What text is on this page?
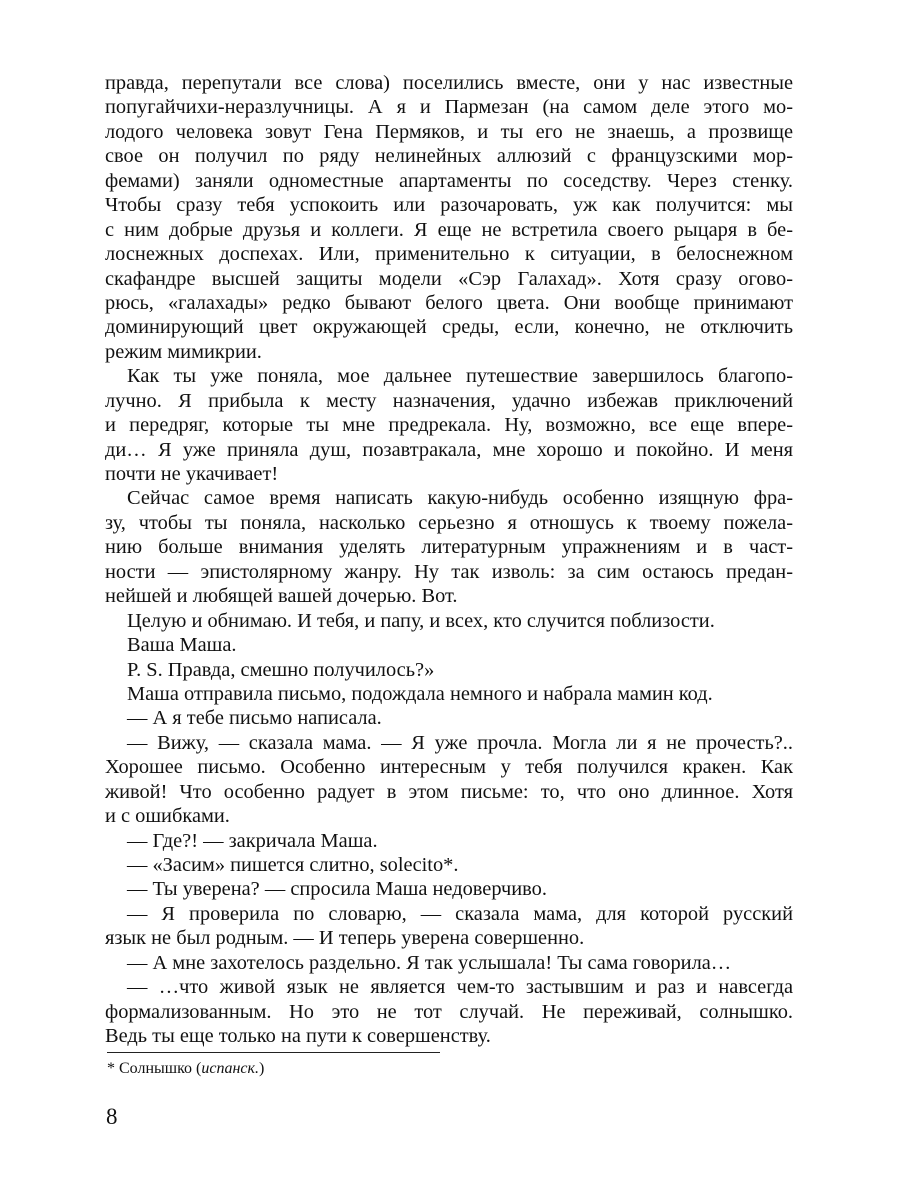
правда, перепутали все слова) поселились вместе, они у нас известные
попугайчихи-неразлучницы. А я и Пармезан (на самом деле этого мо-
лодого человека зовут Гена Пермяков, и ты его не знаешь, а прозвище
свое он получил по ряду нелинейных аллюзий с французскими мор-
фемами) заняли одноместные апартаменты по соседству. Через стенку.
Чтобы сразу тебя успокоить или разочаровать, уж как получится: мы
с ним добрые друзья и коллеги. Я еще не встретила своего рыцаря в бе-
лоснежных доспехах. Или, применительно к ситуации, в белоснежном
скафандре высшей защиты модели «Сэр Галахад». Хотя сразу огово-
рюсь, «галахады» редко бывают белого цвета. Они вообще принимают
доминирующий цвет окружающей среды, если, конечно, не отключить
режим мимикрии.
Как ты уже поняла, мое дальнее путешествие завершилось благопо-
лучно. Я прибыла к месту назначения, удачно избежав приключений
и передряг, которые ты мне предрекала. Ну, возможно, все еще впере-
ди… Я уже приняла душ, позавтракала, мне хорошо и покойно. И меня
почти не укачивает!
Сейчас самое время написать какую-нибудь особенно изящную фра-
зу, чтобы ты поняла, насколько серьезно я отношусь к твоему пожела-
нию больше внимания уделять литературным упражнениям и в част-
ности — эпистолярному жанру. Ну так изволь: за сим остаюсь предан-
нейшей и любящей вашей дочерью. Вот.
Целую и обнимаю. И тебя, и папу, и всех, кто случится поблизости.
Ваша Маша.
P. S. Правда, смешно получилось?»
Маша отправила письмо, подождала немного и набрала мамин код.
— А я тебе письмо написала.
— Вижу, — сказала мама. — Я уже прочла. Могла ли я не прочесть?..
Хорошее письмо. Особенно интересным у тебя получился кракен. Как
живой! Что особенно радует в этом письме: то, что оно длинное. Хотя
и с ошибками.
— Где?! — закричала Маша.
— «Засим» пишется слитно, solecito*.
— Ты уверена? — спросила Маша недоверчиво.
— Я проверила по словарю, — сказала мама, для которой русский
язык не был родным. — И теперь уверена совершенно.
— А мне захотелось раздельно. Я так услышала! Ты сама говорила…
— …что живой язык не является чем-то застывшим и раз и навсегда
формализованным. Но это не тот случай. Не переживай, солнышко.
Ведь ты еще только на пути к совершенству.
* Солнышко (испанск.)
8
